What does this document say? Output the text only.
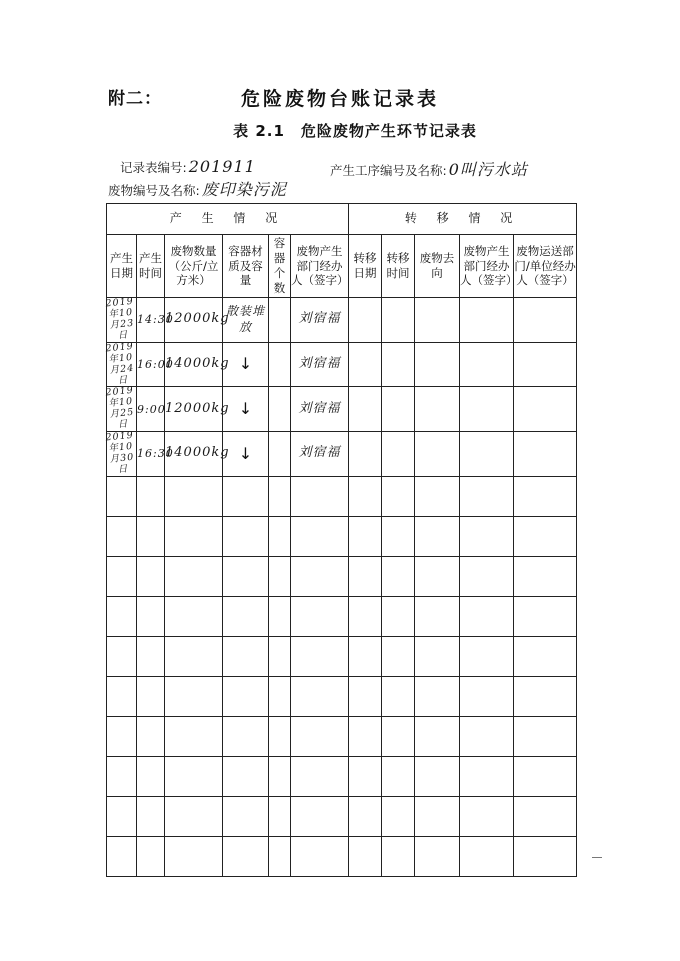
附二：	危险废物台账记录表
表 2.1　危险废物产生环节记录表
记录表编号: 201911	产生工序编号及名称: 0叫污水站
废物编号及名称: 废印染污泥
产 生 情 况						转 移 情 况				
产生日期	产生时间	废物数量（公斤/立方米）	容器材质及容量	容器个数	废物产生部门经办人（签字）	转移日期	转移时间	废物去向	废物产生部门经办人（签字）	废物运送部门/单位经办人（签字）

2019年10月23日	14:30	12000kg	散装堆放		刘宿福					

2019年10月24日	16:00	14000kg	↓		刘宿福					

2019年10月25日	9:00	12000kg	↓		刘宿福					

2019年10月30日	16:30	14000kg	↓		刘宿福					
